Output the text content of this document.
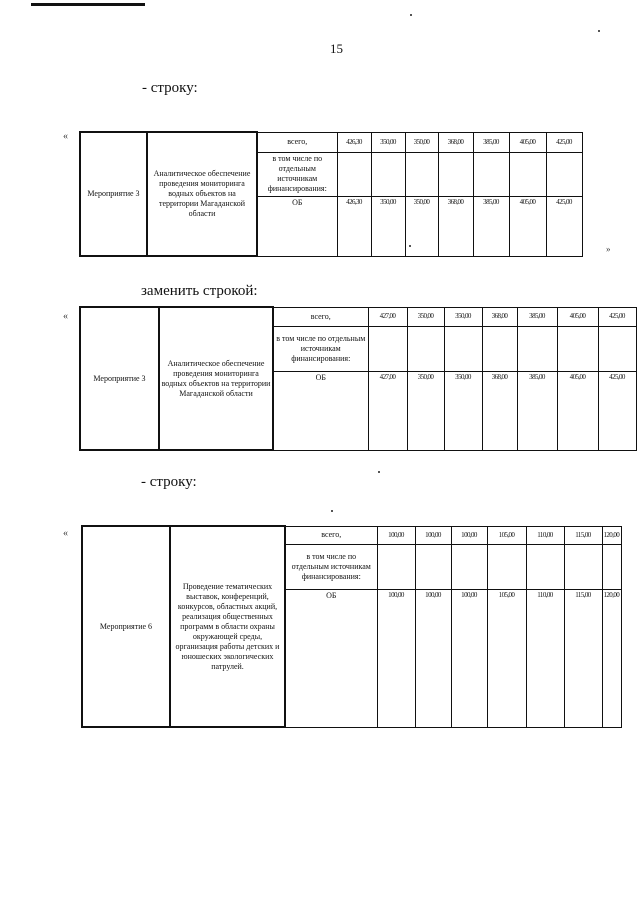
15
- строку:
«
Мероприятие 3	Аналитическое обеспечение проведения мониторинга водных объектов на территории Магаданской области	всего,	426,30	350,00	350,00	368,00	385,00	405,00	425,00
		в том числе по отдельным источникам финансирования:							
		ОБ	426,30	350,00	350,00	368,00	385,00	405,00	425,00
»
заменить строкой:
«
Мероприятие 3	Аналитическое обеспечение проведения мониторинга водных объектов на территории Магаданской области	всего,	427,00	350,00	350,00	368,00	385,00	405,00	425,00
		в том числе по отдельным источникам финансирования:							
		ОБ	427,00	350,00	350,00	368,00	385,00	405,00	425,00
- строку:
«
Мероприятие 6	Проведение тематических выставок, конференций, конкурсов, областных акций, реализация общественных программ в области охраны окружающей среды, организация работы детских и юношеских экологических патрулей.	всего,	100,00	100,00	100,00	105,00	110,00	115,00	120,00
		в том числе по отдельным источникам финансирования:							
		ОБ	100,00	100,00	100,00	105,00	110,00	115,00	120,00
